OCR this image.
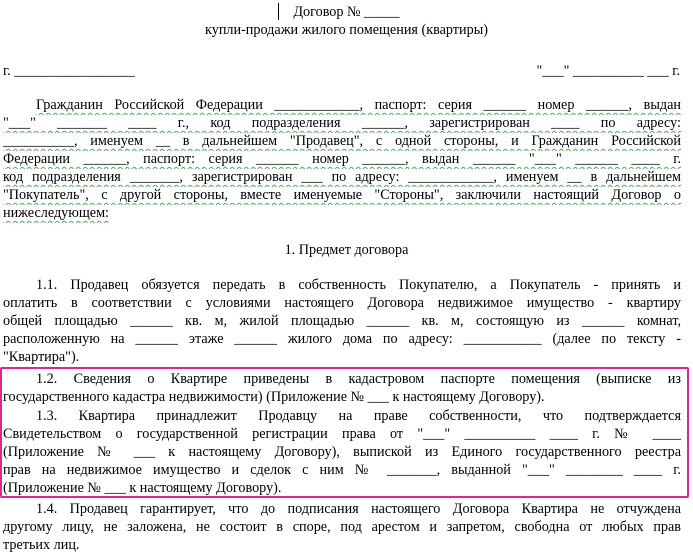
Договор № _____
купли-продажи жилого помещения (квартиры)
г. _________________	"___" __________ ___ г.
Гражданин Российской Федерации ____________, паспорт: серия ______ номер ______, выдан
"___" _______ ____ г., код подразделения ______, зарегистрирован ____ по адресу:
__________, именуем __ в дальнейшем "Продавец", с одной стороны, и Гражданин Российской
Федерации ______, паспорт: серия ______ номер ______, выдан ______ "___" ______ ____ г.
код подразделения _______, зарегистрирован ___ по адресу: ____________, именуем __ в дальнейшем
"Покупатель", с другой стороны, вместе именуемые "Стороны", заключили настоящий Договор о
нижеследующем:
1. Предмет договора
1.1. Продавец обязуется передать в собственность Покупателю, а Покупатель - принять и
оплатить в соответствии с условиями настоящего Договора недвижимое имущество - квартиру
общей площадью ______ кв. м, жилой площадью ______ кв. м, состоящую из ______ комнат,
расположенную на ______ этаже ______ жилого дома по адресу: ___________ (далее по тексту -
"Квартира").
1.2. Сведения о Квартире приведены в кадастровом паспорте помещения (выписке из
государственного кадастра недвижимости) (Приложение № ___ к настоящему Договору).
1.3. Квартира принадлежит Продавцу на праве собственности, что подтверждается
Свидетельством о государственной регистрации права от "___" __________ ____ г. № ____
(Приложение № ___ к настоящему Договору), выпиской из Единого государственного реестра
прав на недвижимое имущество и сделок с ним № _______, выданной "___" ________ ____ г.
(Приложение № ___ к настоящему Договору).
1.4. Продавец гарантирует, что до подписания настоящего Договора Квартира не отчуждена
другому лицу, не заложена, не состоит в споре, под арестом и запретом, свободна от любых прав
третьих лиц.
